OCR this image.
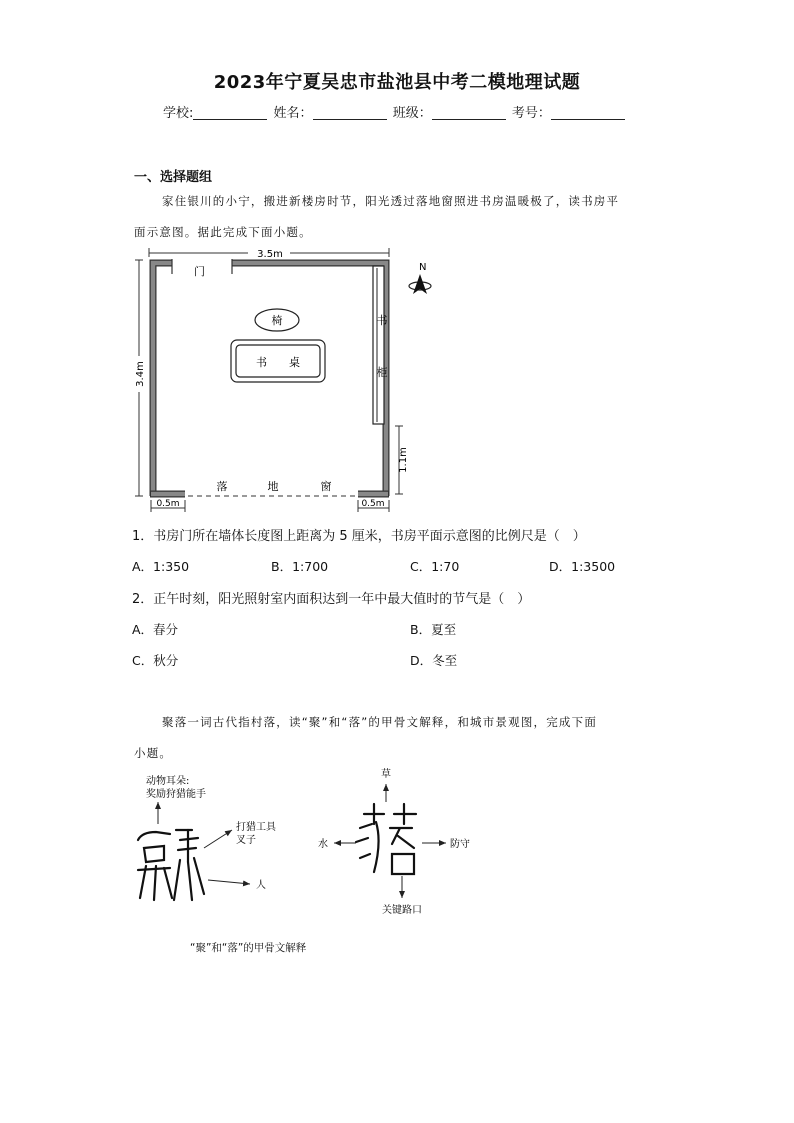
2023年宁夏吴忠市盐池县中考二模地理试题
学校:	姓名：	班级：	考号：
一、选择题组
家住银川的小宁，搬进新楼房时节，阳光透过落地窗照进书房温暖极了，读书房平
面示意图。据此完成下面小题。
3.5m
3.4m
门	N
椅
书　　桌
书
柜
1.1m
落	地	窗
0.5m	0.5m
1．书房门所在墙体长度图上距离为 5 厘米，书房平面示意图的比例尺是（　）
A．1:350	B．1:700	C．1:70	D．1:3500
2．正午时刻，阳光照射室内面积达到一年中最大值时的节气是（　）
A．春分	B．夏至
C．秋分	D．冬至
聚落一词古代指村落，读“聚”和“落”的甲骨文解释，和城市景观图，完成下面
小题。
动物耳朵:
奖励狩猎能手
打猎工具
叉子
人
草
水	防守
关键路口
“聚”和“落”的甲骨文解释
